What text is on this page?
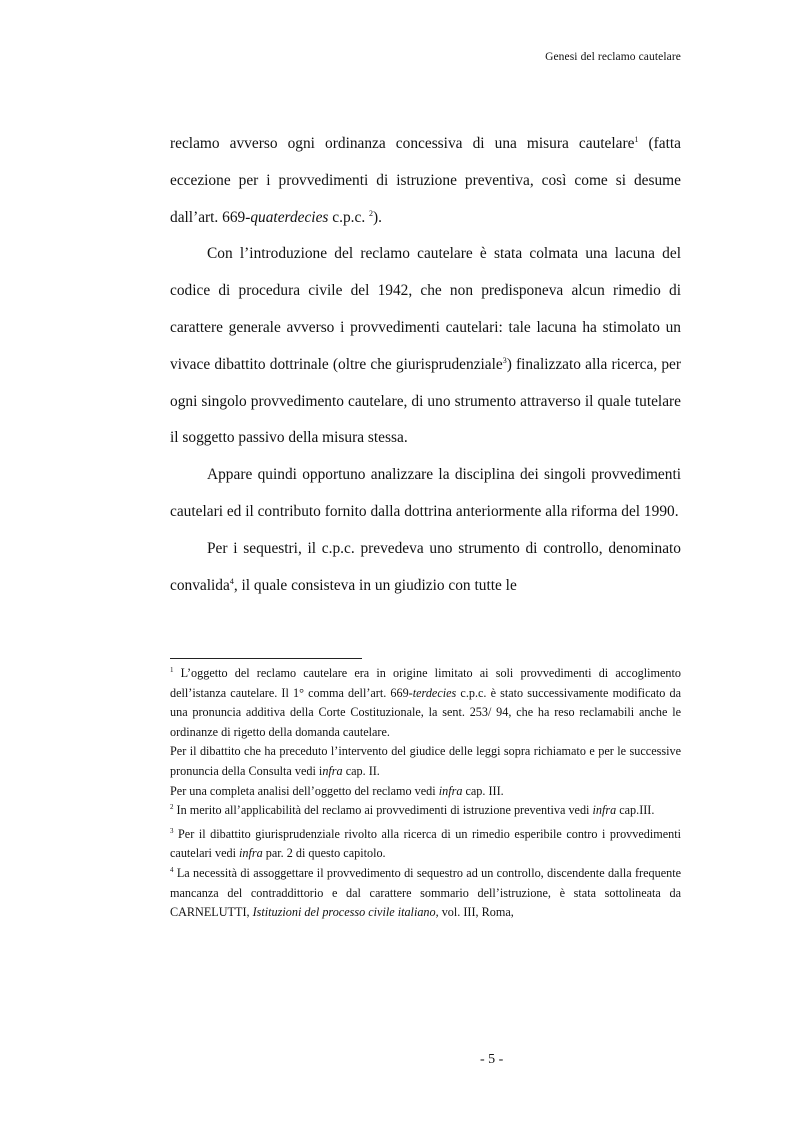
Genesi del reclamo cautelare

reclamo avverso ogni ordinanza concessiva di una misura cautelare$^1$ (fatta eccezione per i provvedimenti di istruzione preventiva, così come si desume dall’art. 669-quaterdecies c.p.c. $^2$).

Con l’introduzione del reclamo cautelare è stata colmata una lacuna del codice di procedura civile del 1942, che non predisponeva alcun rimedio di carattere generale avverso i provvedimenti cautelari: tale lacuna ha stimolato un vivace dibattito dottrinale (oltre che giurisprudenziale$^3$) finalizzato alla ricerca, per ogni singolo provvedimento cautelare, di uno strumento attraverso il quale tutelare il soggetto passivo della misura stessa.

Appare quindi opportuno analizzare la disciplina dei singoli provvedimenti cautelari ed il contributo fornito dalla dottrina anteriormente alla riforma del 1990.

Per i sequestri, il c.p.c. prevedeva uno strumento di controllo, denominato convalida$^4$, il quale consisteva in un giudizio con tutte le

$^1$ L’oggetto del reclamo cautelare era in origine limitato ai soli provvedimenti di accoglimento dell’istanza cautelare. Il 1° comma dell’art. 669-terdecies c.p.c. è stato successivamente modificato da una pronuncia additiva della Corte Costituzionale, la sent. 253/ 94, che ha reso reclamabili anche le ordinanze di rigetto della domanda cautelare.

Per il dibattito che ha preceduto l’intervento del giudice delle leggi sopra richiamato e per le successive pronuncia della Consulta vedi infra cap. II.

Per una completa analisi dell’oggetto del reclamo vedi infra cap. III.

$^2$ In merito all’applicabilità del reclamo ai provvedimenti di istruzione preventiva vedi infra cap.III.

$^3$ Per il dibattito giurisprudenziale rivolto alla ricerca di un rimedio esperibile contro i provvedimenti cautelari vedi infra par. 2 di questo capitolo.

$^4$ La necessità di assoggettare il provvedimento di sequestro ad un controllo, discendente dalla frequente mancanza del contraddittorio e dal carattere sommario dell’istruzione, è stata sottolineata da CARNELUTTI, Istituzioni del processo civile italiano, vol. III, Roma,

- 5 -
